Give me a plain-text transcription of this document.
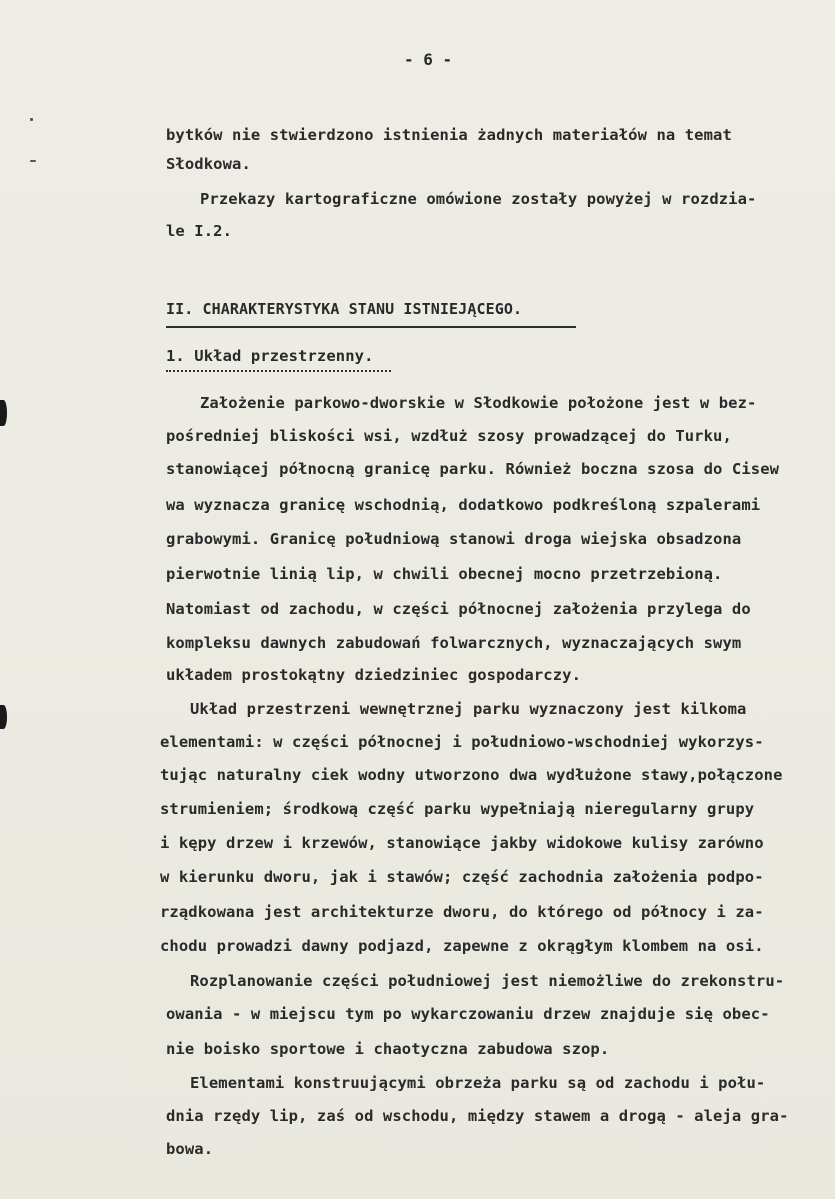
- 6 -
bytków nie stwierdzono istnienia żadnych materiałów na temat
Słodkowa.
Przekazy kartograficzne omówione zostały powyżej w rozdzia-
le I.2.
II. CHARAKTERYSTYKA STANU ISTNIEJĄCEGO.
1. Układ przestrzenny.
Założenie parkowo-dworskie w Słodkowie położone jest w bez-
pośredniej bliskości wsi, wzdłuż szosy prowadzącej do Turku,
stanowiącej północną granicę parku. Również boczna szosa do Cisew
wa wyznacza granicę wschodnią, dodatkowo podkreśloną szpalerami
grabowymi. Granicę południową stanowi droga wiejska obsadzona
pierwotnie linią lip, w chwili obecnej mocno przetrzebioną.
Natomiast od zachodu, w części północnej założenia przylega do
kompleksu dawnych zabudowań folwarcznych, wyznaczających swym
układem prostokątny dziedziniec gospodarczy.
Układ przestrzeni wewnętrznej parku wyznaczony jest kilkoma
elementami: w części północnej i południowo-wschodniej wykorzys-
tując naturalny ciek wodny utworzono dwa wydłużone stawy,połączone
strumieniem; środkową część parku wypełniają nieregularny grupy
i kępy drzew i krzewów, stanowiące jakby widokowe kulisy zarówno
w kierunku dworu, jak i stawów; część zachodnia założenia podpo-
rządkowana jest architekturze dworu, do którego od północy i za-
chodu prowadzi dawny podjazd, zapewne z okrągłym klombem na osi.
Rozplanowanie części południowej jest niemożliwe do zrekonstru-
owania - w miejscu tym po wykarczowaniu drzew znajduje się obec-
nie boisko sportowe i chaotyczna zabudowa szop.
Elementami konstruującymi obrzeża parku są od zachodu i połu-
dnia rzędy lip, zaś od wschodu, między stawem a drogą - aleja gra-
bowa.
